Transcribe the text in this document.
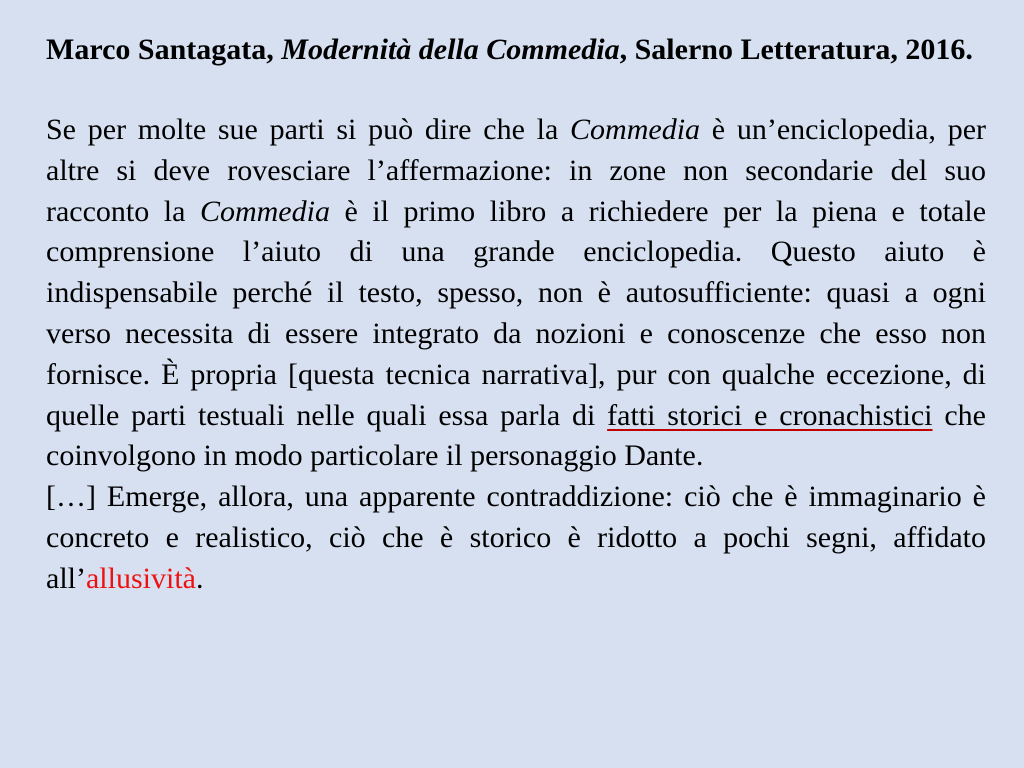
Marco Santagata, Modernità della Commedia, Salerno Letteratura, 2016.

Se per molte sue parti si può dire che la Commedia è un’enciclopedia, per altre si deve rovesciare l’affermazione: in zone non secondarie del suo racconto la Commedia è il primo libro a richiedere per la piena e totale comprensione l’aiuto di una grande enciclopedia. Questo aiuto è indispensabile perché il testo, spesso, non è autosufficiente: quasi a ogni verso necessita di essere integrato da nozioni e conoscenze che esso non fornisce. È propria [questa tecnica narrativa], pur con qualche eccezione, di quelle parti testuali nelle quali essa parla di fatti storici e cronachistici che coinvolgono in modo particolare il personaggio Dante.

[…] Emerge, allora, una apparente contraddizione: ciò che è immaginario è concreto e realistico, ciò che è storico è ridotto a pochi segni, affidato all’allusività.
